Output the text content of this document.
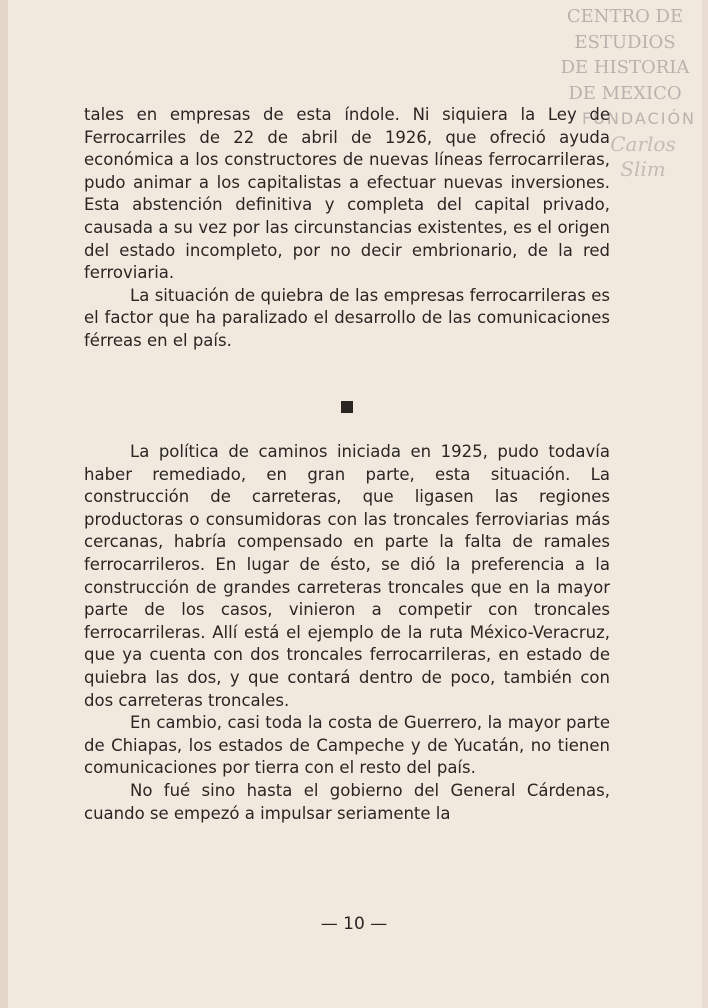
CENTRO DE
ESTUDIOS
DE HISTORIA
DE MEXICO
FUNDACIÓN
Carlos Slim

tales en empresas de esta índole. Ni siquiera la Ley de Ferrocarriles de 22 de abril de 1926, que ofreció ayuda económica a los constructores de nuevas líneas ferrocarrileras, pudo animar a los capitalistas a efectuar nuevas inversiones. Esta abstención definitiva y completa del capital privado, causada a su vez por las circunstancias existentes, es el origen del estado incompleto, por no decir embrionario, de la red ferroviaria.

La situación de quiebra de las empresas ferrocarrileras es el factor que ha paralizado el desarrollo de las comunicaciones férreas en el país.

La política de caminos iniciada en 1925, pudo todavía haber remediado, en gran parte, esta situación. La construcción de carreteras, que ligasen las regiones productoras o consumidoras con las troncales ferroviarias más cercanas, habría compensado en parte la falta de ramales ferrocarrileros. En lugar de ésto, se dió la preferencia a la construcción de grandes carreteras troncales que en la mayor parte de los casos, vinieron a competir con troncales ferrocarrileras. Allí está el ejemplo de la ruta México-Veracruz, que ya cuenta con dos troncales ferrocarrileras, en estado de quiebra las dos, y que contará dentro de poco, también con dos carreteras troncales.

En cambio, casi toda la costa de Guerrero, la mayor parte de Chiapas, los estados de Campeche y de Yucatán, no tienen comunicaciones por tierra con el resto del país.

No fué sino hasta el gobierno del General Cárdenas, cuando se empezó a impulsar seriamente la

— 10 —
